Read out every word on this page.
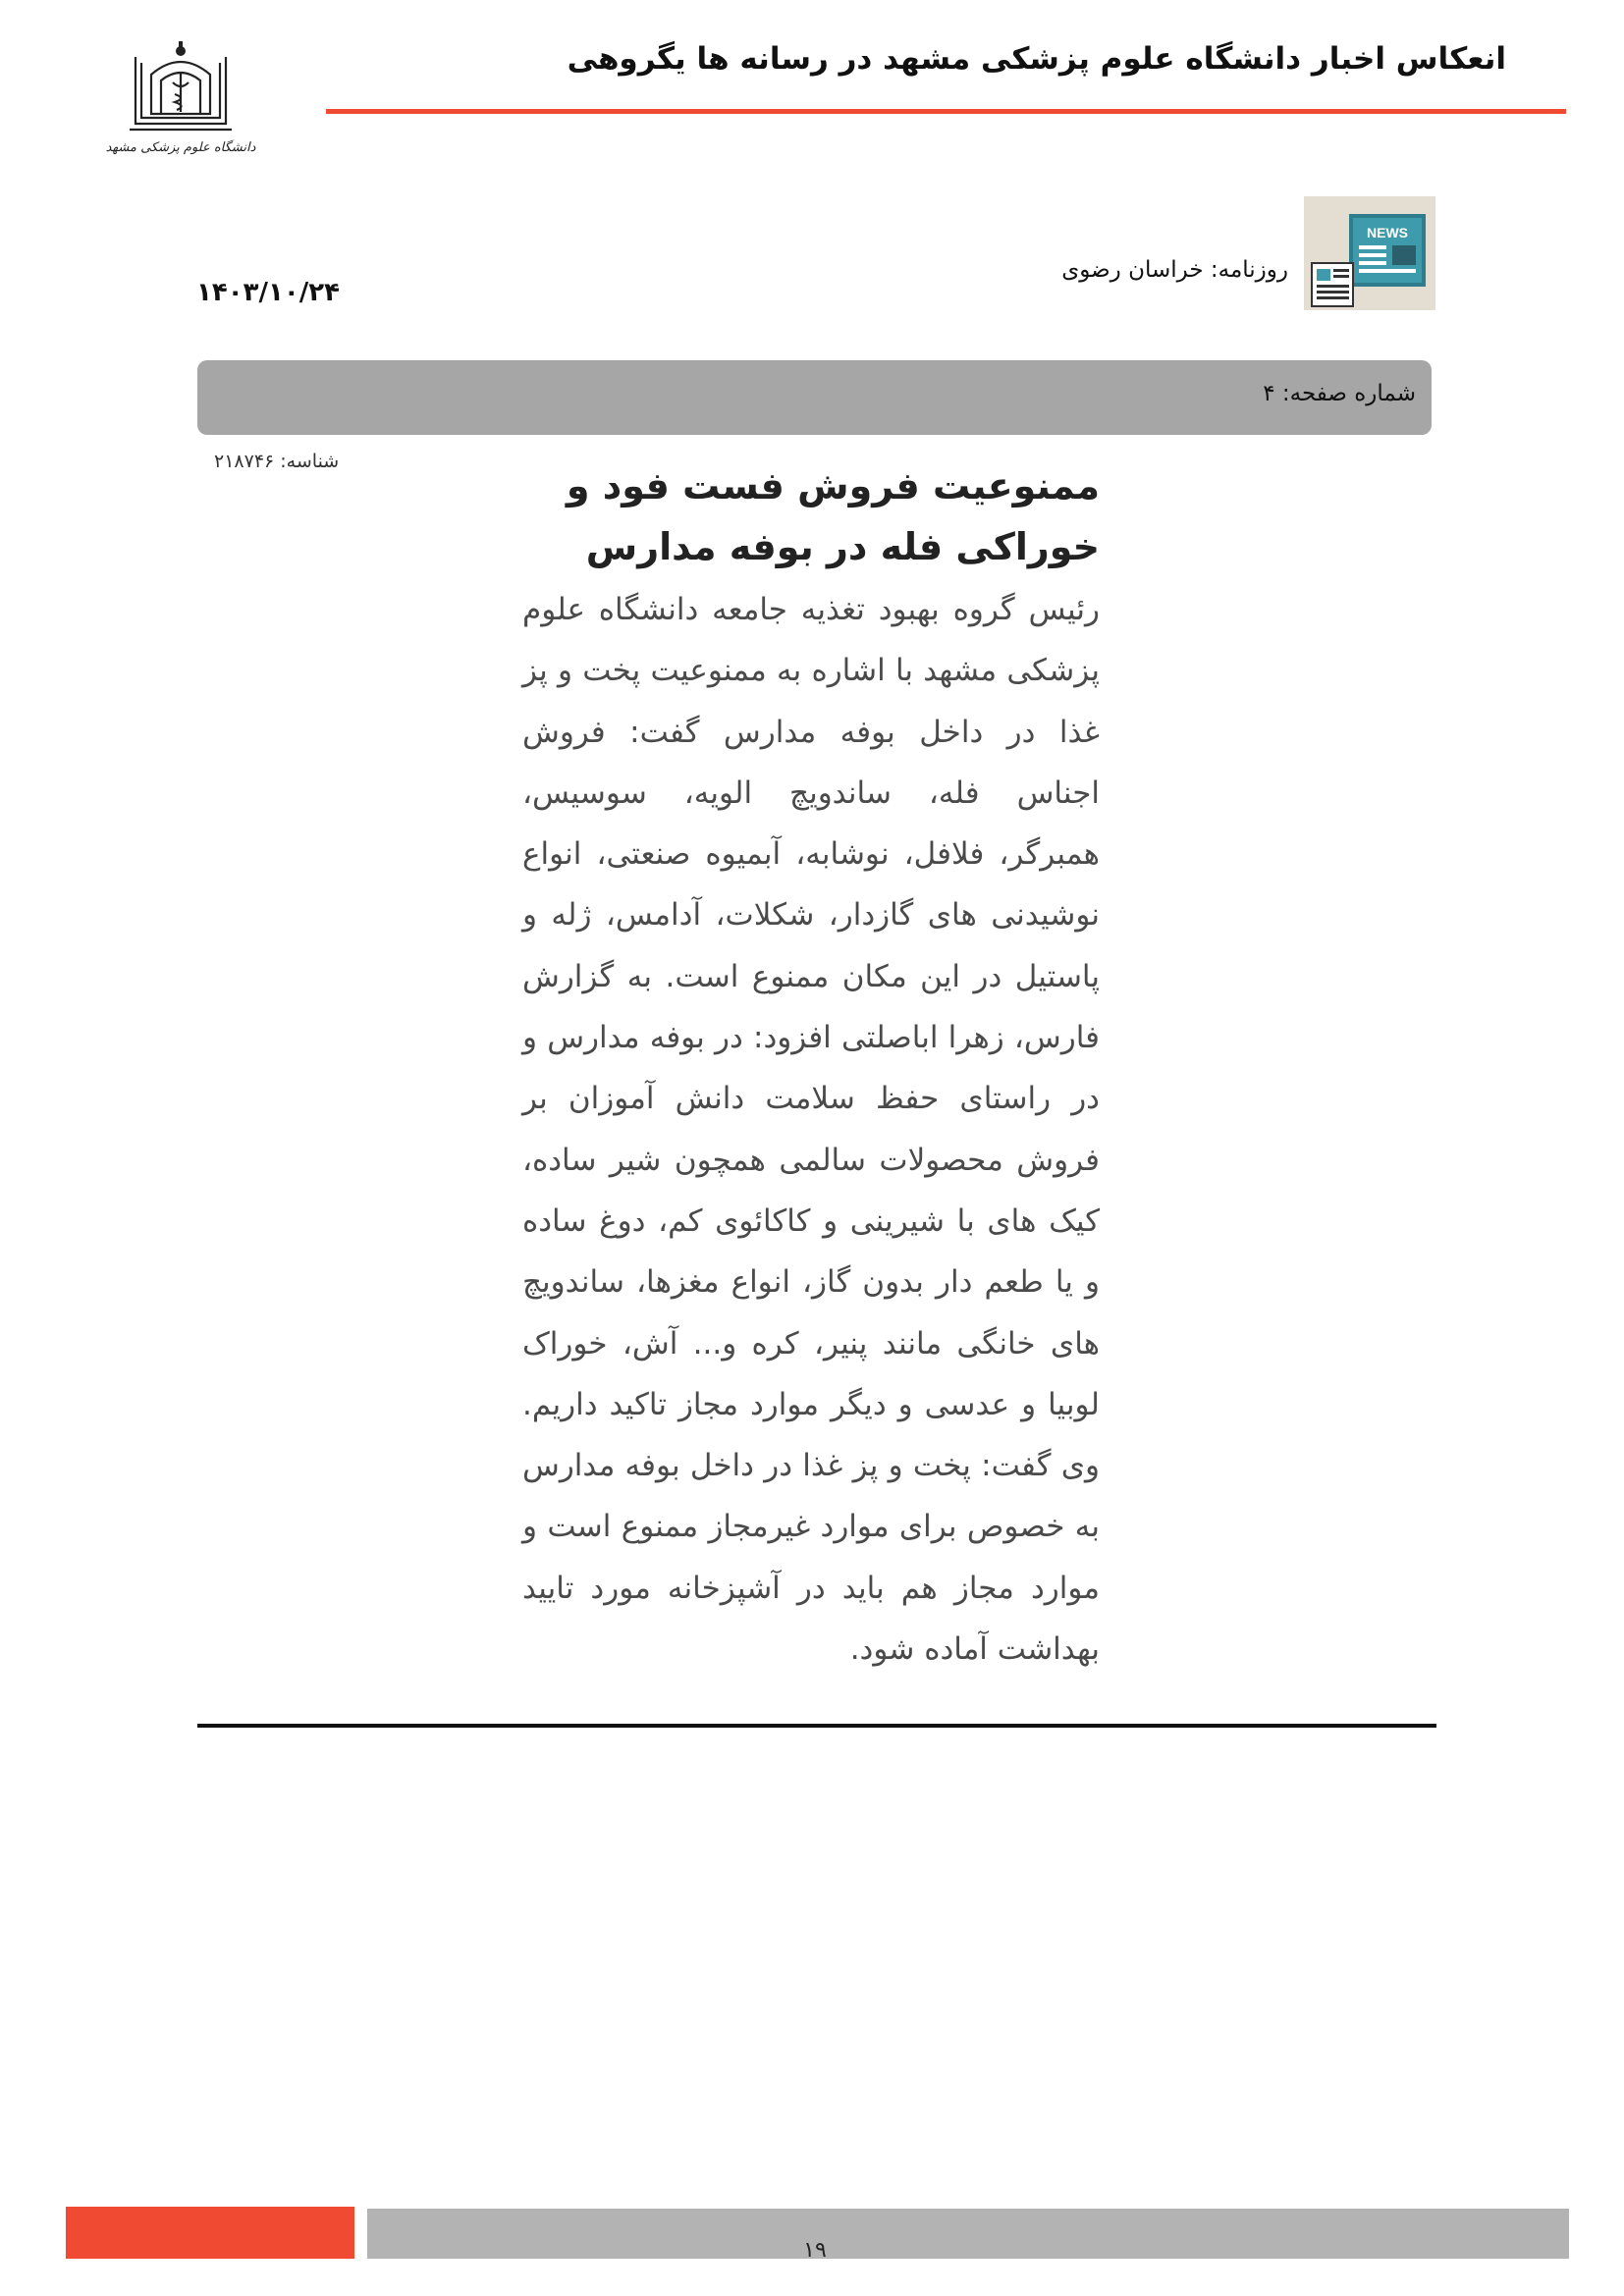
انعکاس اخبار دانشگاه علوم پزشکی مشهد در رسانه ها یگروهی
دانشگاه علوم پزشکی مشهد
NEWS
روزنامه: خراسان رضوی
۱۴۰۳/۱۰/۲۴
شماره صفحه: ۴
شناسه: ۲۱۸۷۴۶
ممنوعیت فروش فست فود و
خوراکی فله در بوفه مدارس
رئیس گروه بهبود تغذیه جامعه دانشگاه علوم پزشکی مشهد با اشاره به ممنوعیت پخت و پز غذا در داخل بوفه مدارس گفت: فروش اجناس فله، ساندویچ الویه، سوسیس، همبرگر، فلافل، نوشابه، آبمیوه صنعتی، انواع نوشیدنی های گازدار، شکلات، آدامس، ژله و پاستیل در این مکان ممنوع است. به گزارش فارس، زهرا اباصلتی افزود: در بوفه مدارس و در راستای حفظ سلامت دانش آموزان بر فروش محصولات سالمی همچون شیر ساده، کیک های با شیرینی و کاکائوی کم، دوغ ساده و یا طعم دار بدون گاز، انواع مغزها، ساندویچ های خانگی مانند پنیر، کره و... آش، خوراک لوبیا و عدسی و دیگر موارد مجاز تاکید داریم. وی گفت: پخت و پز غذا در داخل بوفه مدارس به خصوص برای موارد غیرمجاز ممنوع است و موارد مجاز هم باید در آشپزخانه مورد تایید بهداشت آماده شود.
۱۹
